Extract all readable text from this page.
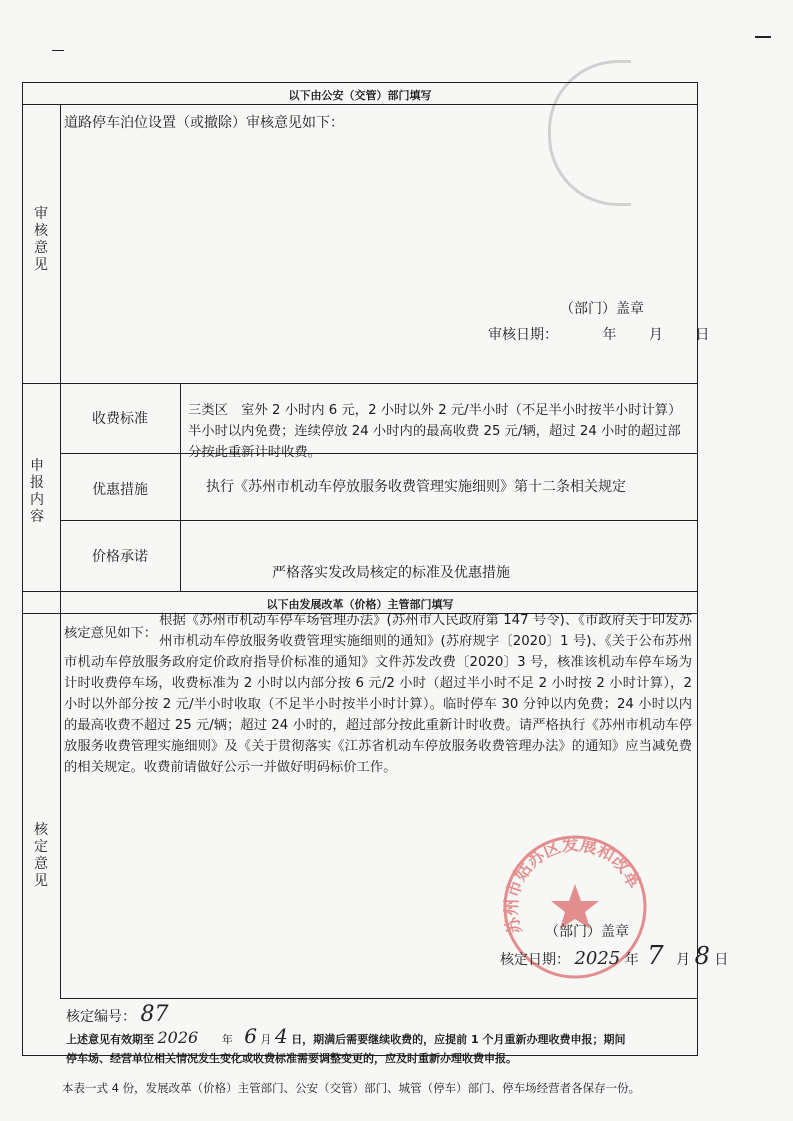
以下由公安（交管）部门填写
审核意见
道路停车泊位设置（或撤除）审核意见如下：
（部门）盖章
审核日期：	年 月 日
申报内容
收费标准
三类区　室外 2 小时内 6 元，2 小时以外 2 元/半小时（不足半小时按半小时计算）半小时以内免费；连续停放 24 小时内的最高收费 25 元/辆，超过 24 小时的超过部分按此重新计时收费。
优惠措施	执行《苏州市机动车停放服务收费管理实施细则》第十二条相关规定
价格承诺
严格落实发改局核定的标准及优惠措施
以下由发展改革（价格）主管部门填写
核定意见
核定意见如下：
根据《苏州市机动车停车场管理办法》(苏州市人民政府第 147 号令)、《市政府关于印发苏州市机动车停放服务收费管理实施细则的通知》(苏府规字〔2020〕1 号)、《关于公布苏州市机动车停放服务政府定价政府指导价标准的通知》文件苏发改费〔2020〕3 号，核准该机动车停车场为计时收费停车场，收费标准为 2 小时以内部分按 6 元/2 小时（超过半小时不足 2 小时按 2 小时计算），2 小时以外部分按 2 元/半小时收取（不足半小时按半小时计算）。临时停车 30 分钟以内免费；24 小时以内的最高收费不超过 25 元/辆；超过 24 小时的，超过部分按此重新计时收费。请严格执行《苏州市机动车停放服务收费管理实施细则》及《关于贯彻落实《江苏省机动车停放服务收费管理办法》的通知》应当减免费的相关规定。收费前请做好公示一并做好明码标价工作。
苏州市姑苏区发展和改革
（部门）盖章
核定日期： 2025 年 7 月 8 日
核定编号： 87
上述意见有效期至 2026 年 6 月 4 日，期满后需要继续收费的，应提前 1 个月重新办理收费申报；期间
停车场、经营单位相关情况发生变化或收费标准需要调整变更的，应及时重新办理收费申报。
本表一式 4 份，发展改革（价格）主管部门、公安（交管）部门、城管（停车）部门、停车场经营者各保存一份。
